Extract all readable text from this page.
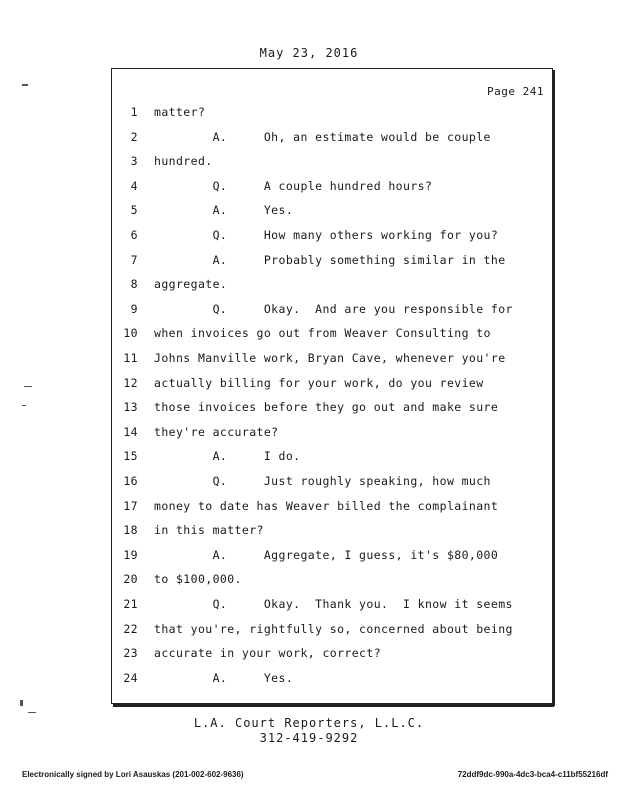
May 23, 2016
Page 241
1 matter?
2 A.     Oh, an estimate would be couple
3 hundred.
4 Q.     A couple hundred hours?
5 A.     Yes.
6 Q.     How many others working for you?
7 A.     Probably something similar in the
8 aggregate.
9 Q.     Okay.  And are you responsible for
10 when invoices go out from Weaver Consulting to
11 Johns Manville work, Bryan Cave, whenever you're
12 actually billing for your work, do you review
13 those invoices before they go out and make sure
14 they're accurate?
15 A.     I do.
16 Q.     Just roughly speaking, how much
17 money to date has Weaver billed the complainant
18 in this matter?
19 A.     Aggregate, I guess, it's $80,000
20 to $100,000.
21 Q.     Okay.  Thank you.  I know it seems
22 that you're, rightfully so, concerned about being
23 accurate in your work, correct?
24 A.     Yes.
L.A. Court Reporters, L.L.C.
312-419-9292
Electronically signed by Lori Asauskas (201-002-602-9636)	72ddf9dc-990a-4dc3-bca4-c11bf55216df
